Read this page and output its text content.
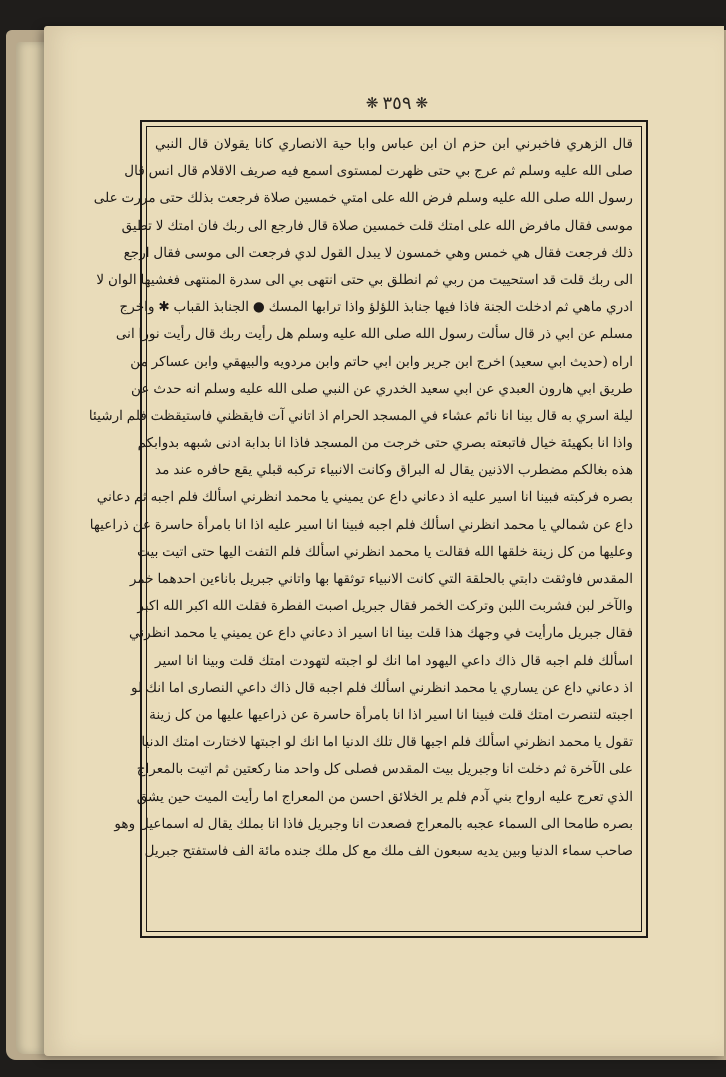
❋
٣٥٩
❋
قال الزهري فاخبرني ابن حزم ان ابن عباس وابا حية الانصاري كانا يقولان قال النبي
صلى الله عليه وسلم ثم عرج بي حتى ظهرت لمستوى اسمع فيه صريف الاقلام قال انس قال
رسول الله صلى الله عليه وسلم فرض الله على امتي خمسين صلاة فرجعت بذلك حتى مررت على
موسى فقال مافرض الله على امتك قلت خمسين صلاة قال فارجع الى ربك فان امتك لا تطيق
ذلك فرجعت فقال هي خمس وهي خمسون لا يبدل القول لدي فرجعت الى موسى فقال ارجع
الى ربك قلت قد استحييت من ربي ثم انطلق بي حتى انتهى بي الى سدرة المنتهى فغشيها الوان لا
ادري ماهي ثم ادخلت الجنة فاذا فيها جنابذ اللؤلؤ واذا ترابها المسك ● الجنابذ القباب ✱ واخرج
مسلم عن ابي ذر قال سألت رسول الله صلى الله عليه وسلم هل رأيت ربك قال رأيت نورا انى
اراه (حديث ابي سعيد) اخرج ابن جرير وابن ابي حاتم وابن مردويه والبيهقي وابن عساكر من
طريق ابي هارون العبدي عن ابي سعيد الخدري عن النبي صلى الله عليه وسلم انه حدث عن
ليلة اسري به قال بينا انا نائم عشاء في المسجد الحرام اذ اتاني آت فايقظني فاستيقظت فلم ارشيئا
واذا انا بكهيئة خيال فاتبعته بصري حتى خرجت من المسجد فاذا انا بدابة ادنى شبهه بدوابكم
هذه بغالكم مضطرب الاذنين يقال له البراق وكانت الانبياء تركبه قبلي يقع حافره عند مد
بصره فركبته فبينا انا اسير عليه اذ دعاني داع عن يميني يا محمد انظرني اسألك فلم اجبه ثم دعاني
داع عن شمالي يا محمد انظرني اسألك فلم اجبه فبينا انا اسير عليه اذا انا بامرأة حاسرة عن ذراعيها
وعليها من كل زينة خلقها الله فقالت يا محمد انظرني اسألك فلم التفت اليها حتى اتيت بيت
المقدس فاوثقت دابتي بالحلقة التي كانت الانبياء توثقها بها واتاني جبريل باناءين احدهما خمر
والآخر لبن فشربت اللبن وتركت الخمر فقال جبريل اصبت الفطرة فقلت الله اكبر الله اكبر
فقال جبريل مارأيت في وجهك هذا قلت بينا انا اسير اذ دعاني داع عن يميني يا محمد انظرني
اسألك فلم اجبه قال ذاك داعي اليهود اما انك لو اجبته لتهودت امتك قلت وبينا انا اسير
اذ دعاني داع عن يساري يا محمد انظرني اسألك فلم اجبه قال ذاك داعي النصارى اما انك لو
اجبته لتنصرت امتك قلت فبينا انا اسير اذا انا بامرأة حاسرة عن ذراعيها عليها من كل زينة
تقول يا محمد انظرني اسألك فلم اجبها قال تلك الدنيا اما انك لو اجبتها لاختارت امتك الدنيا
على الآخرة ثم دخلت انا وجبريل بيت المقدس فصلى كل واحد منا ركعتين ثم اتيت بالمعراج
الذي تعرج عليه ارواح بني آدم فلم ير الخلائق احسن من المعراج اما رأيت الميت حين يشق
بصره طامحا الى السماء عجبه بالمعراج فصعدت انا وجبريل فاذا انا بملك يقال له اسماعيل وهو
صاحب سماء الدنيا وبين يديه سبعون الف ملك مع كل ملك جنده مائة الف فاستفتح جبريل
